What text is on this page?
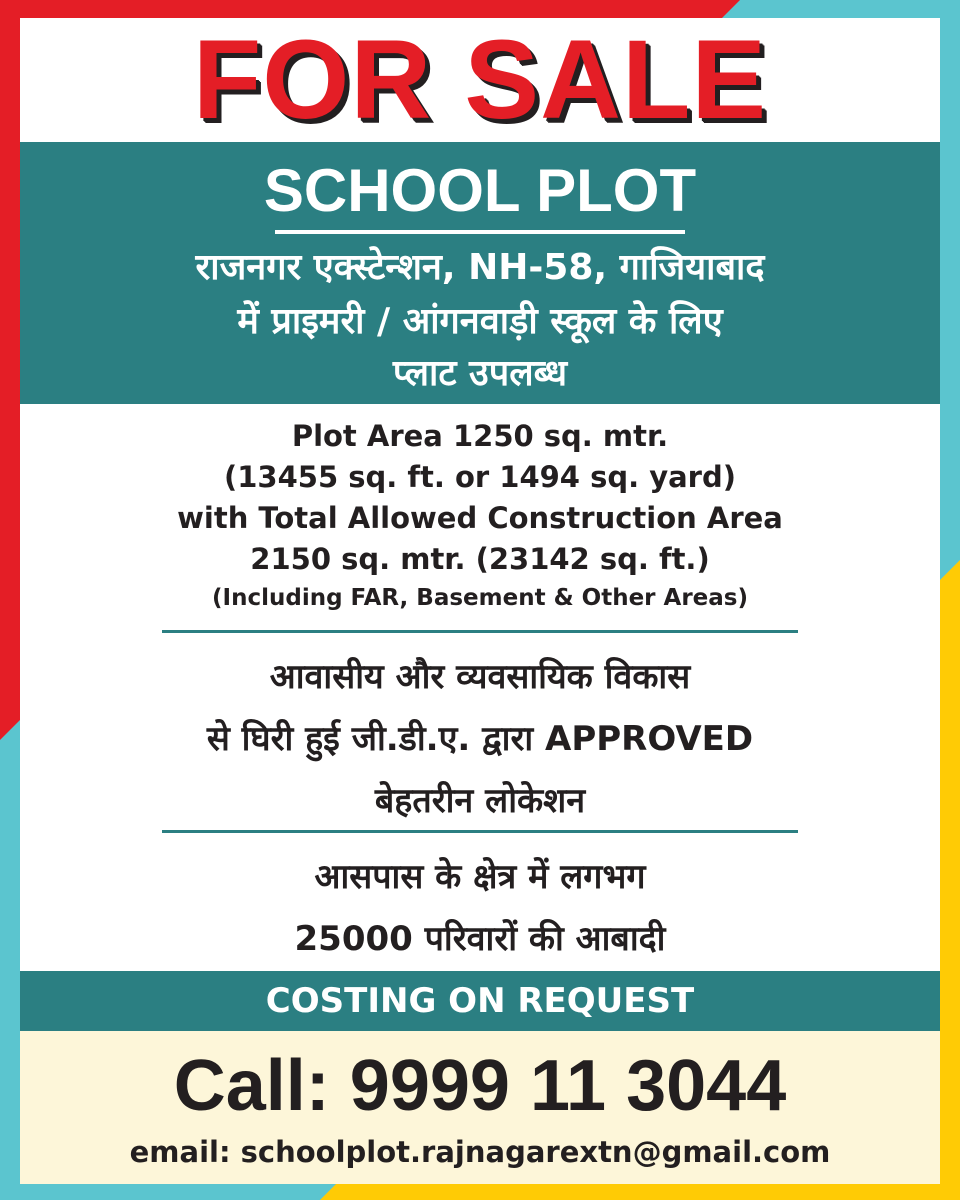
FOR SALE
SCHOOL PLOT
राजनगर एक्स्टेन्शन, NH-58, गाजियाबाद
में प्राइमरी / आंगनवाड़ी स्कूल के लिए
प्लाट उपलब्ध
Plot Area 1250 sq. mtr.
(13455 sq. ft. or 1494 sq. yard)
with Total Allowed Construction Area
2150 sq. mtr. (23142 sq. ft.)
(Including FAR, Basement & Other Areas)
आवासीय और व्यवसायिक विकास
से घिरी हुई जी.डी.ए. द्वारा APPROVED
बेहतरीन लोकेशन
आसपास के क्षेत्र में लगभग
25000 परिवारों की आबादी
COSTING ON REQUEST
Call: 9999 11 3044
email: schoolplot.rajnagarextn@gmail.com
